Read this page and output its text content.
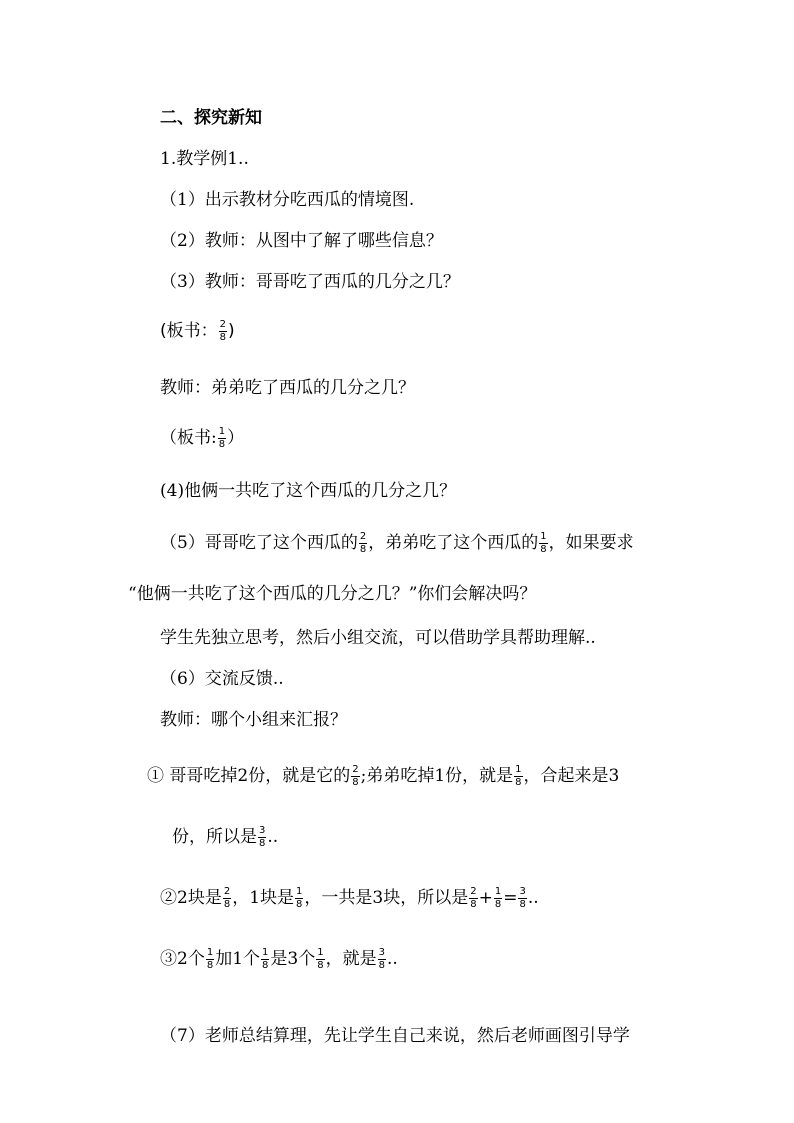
二、探究新知
1.教学例1..
（1）出示教材分吃西瓜的情境图.
（2）教师：从图中了解了哪些信息？
（3）教师：哥哥吃了西瓜的几分之几？
(板书： $\frac{2}{8}$ )
教师：弟弟吃了西瓜的几分之几？
（板书: $\frac{1}{8}$ ）
(4)他俩一共吃了这个西瓜的几分之几？
（5）哥哥吃了这个西瓜的 $\frac{2}{8}$ ，弟弟吃了这个西瓜的 $\frac{1}{8}$ ，如果要求
“他俩一共吃了这个西瓜的几分之几？”你们会解决吗？
学生先独立思考，然后小组交流，可以借助学具帮助理解..
（6）交流反馈..
教师：哪个小组来汇报？
① 哥哥吃掉2份，就是它的 $\frac{2}{8}$ ;弟弟吃掉1份，就是 $\frac{1}{8}$ ，合起来是3
份，所以是 $\frac{3}{8}$ ..
②2块是 $\frac{2}{8}$ ，1块是 $\frac{1}{8}$ ，一共是3块，所以是 $\frac{2}{8} + \frac{1}{8} = \frac{3}{8}$ ..
③2个 $\frac{1}{8}$ 加1个 $\frac{1}{8}$ 是3个 $\frac{1}{8}$ ，就是 $\frac{3}{8}$ ..
（7）老师总结算理，先让学生自己来说，然后老师画图引导学
